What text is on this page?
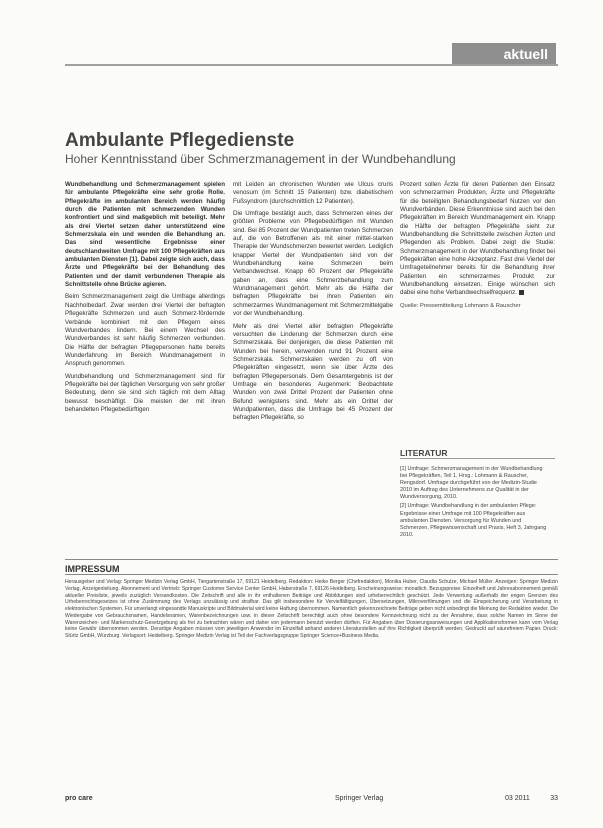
aktuell
Ambulante Pflegedienste
Hoher Kenntnisstand über Schmerzmanagement in der Wundbehandlung

Wundbehandlung und Schmerzmanagement spielen für ambulante Pflegekräfte eine sehr große Rolle. Pflegekräfte im ambulanten Bereich werden häufig durch die Patienten mit schmerzenden Wunden konfrontiert und sind maßgeblich mit beteiligt. Mehr als drei Viertel setzen daher unterstützend eine Schmerzskala ein und wenden die Behandlung an. Das sind wesentliche Ergebnisse einer deutschlandweiten Umfrage mit 100 Pflegekräften aus ambulanten Diensten [1]. Dabei zeigte sich auch, dass Ärzte und Pflegekräfte bei der Behandlung des Patienten und der damit verbundenen Therapie als Schnittstelle ohne Brücke agieren.

Beim Schmerzmanagement zeigt die Umfrage allerdings Nachholbedarf. Zwar werden drei Viertel der befragten Pflegekräfte Schmerzen und auch Schmerz-fördernde Verbände kombiniert mit den Pflegern eines Wundverbandes lindern. Bei einem Wechsel des Wundverbandes ist sehr häufig Schmerzen verbunden. Die Hälfte der befragten Pflegepersonen hatte bereits Wunderfahrung im Bereich Wundmanagement in Anspruch genommen.

Wundbehandlung und Schmerzmanagement sind für Pflegekräfte bei der täglichen Versorgung von sehr großer Bedeutung, denn sie sind sich täglich mit dem Alltag bewusst beschäftigt. Die meisten der mit ihren behandelten Pflegebedürftigen

mit Leiden an chronischen Wunden wie Ulcus cruris venosum (im Schnitt 15 Patienten) bzw. diabetischem Fußsyndrom (durchschnittlich 12 Patienten).

Die Umfrage bestätigt auch, dass Schmerzen eines der größten Probleme von Pflegebedürftigen mit Wunden sind. Bei 85 Prozent der Wundpatienten treten Schmerzen auf, die von Betroffenen als mit einer mittel-starken Therapie der Wundschmerzen bewertet werden. Lediglich knapper Viertel der Wundpatienten sind von der Wundbehandlung keine Schmerzen beim Verbandwechsel. Knapp 60 Prozent der Pflegekräfte gaben an, dass eine Schmerzbehandlung zum Wundmanagement gehört. Mehr als die Hälfte der befragten Pflegekräfte bei ihren Patienten ein schmerzarmes Wundmanagement mit Schmerzmittelgabe vor der Wundbehandlung.

Mehr als drei Viertel aller befragten Pflegekräfte versuchten die Linderung der Schmerzen durch eine Schmerzskala. Bei denjenigen, die diese Patienten mit Wunden bei herein, verwenden rund 91 Prozent eine Schmerzskala. Schmerzskalen werden zu oft von Pflegekräften eingesetzt, wenn sie über Ärzte des befragten Pflegepersonals. Dem Gesamtergebnis ist der Umfrage ein besonderes Augenmerk: Beobachtete Wunden von zwei Drittel Prozent der Patienten ohne Befund wenigstens sind. Mehr als ein Drittel der Wundpatienten, dass die Umfrage bei 45 Prozent der befragten Pflegekräfte, so

Prozent sollen Ärzte für deren Patienten den Einsatz von schmerzarmen Produkten, Ärzte und Pflegekräfte für die beteiligten Behandlungsbedarf Nutzen vor den Wundverbänden. Diese Erkenntnisse sind auch bei den Pflegekräften im Bereich Wundmanagement ein. Knapp die Hälfte der befragten Pflegekräfte sieht zur Wundbehandlung die Schnittstelle zwischen Ärzten und Pflegenden als Problem. Dabei zeigt die Studie: Schmerzmanagement in der Wundbehandlung findet bei Pflegekräften eine hohe Akzeptanz. Fast drei Viertel der Umfrageteilnehmer bereits für die Behandlung ihrer Patienten ein schmerzarmes Produkt zur Wundbehandlung einsetzen. Einige wünschen sich dabei eine hohe Verbandwechselfrequenz.

Quelle: Pressemitteilung Lohmann & Rauscher

LITERATUR

[1] Umfrage: Schmerzmanagement in der Wundbehandlung bei Pflegekräften, Teil 1. Hrsg.: Lohmann & Rauscher, Rengsdorf. Umfrage durchgeführt von der Medizin-Studie 2010 im Auftrag des Unternehmens zur Qualität in der Wundversorgung, 2010.

[2] Umfrage: Wundbehandlung in der ambulanten Pflege: Ergebnisse einer Umfrage mit 100 Pflegekräften aus ambulanten Diensten. Versorgung für Wunden und Schmerzen, Pflegewissenschaft und Praxis, Heft 3, Jahrgang 2010.

IMPRESSUM

Herausgeber und Verlag: Springer Medizin Verlag GmbH, Tiergartenstraße 17, 69121 Heidelberg. Redaktion: Heike Berger (Chefredaktion), Monika Huber, Claudia Schulze, Michael Müller. Anzeigen: Springer Medizin Verlag, Anzeigenleitung. Abonnement und Vertrieb: Springer Customer Service Center GmbH, Haberstraße 7, 69126 Heidelberg. Erscheinungsweise: monatlich. Bezugspreise: Einzelheft und Jahresabonnement gemäß aktueller Preisliste, jeweils zuzüglich Versandkosten. Die Zeitschrift und alle in ihr enthaltenen Beiträge und Abbildungen sind urheberrechtlich geschützt. Jede Verwertung außerhalb der engen Grenzen des Urheberrechtsgesetzes ist ohne Zustimmung des Verlags unzulässig und strafbar. Das gilt insbesondere für Vervielfältigungen, Übersetzungen, Mikroverfilmungen und die Einspeicherung und Verarbeitung in elektronischen Systemen. Für unverlangt eingesandte Manuskripte und Bildmaterial wird keine Haftung übernommen. Namentlich gekennzeichnete Beiträge geben nicht unbedingt die Meinung der Redaktion wieder. Die Wiedergabe von Gebrauchsnamen, Handelsnamen, Warenbezeichnungen usw. in dieser Zeitschrift berechtigt auch ohne besondere Kennzeichnung nicht zu der Annahme, dass solche Namen im Sinne der Warenzeichen- und Markenschutz-Gesetzgebung als frei zu betrachten wären und daher von jedermann benutzt werden dürften. Für Angaben über Dosierungsanweisungen und Applikationsformen kann vom Verlag keine Gewähr übernommen werden. Derartige Angaben müssen vom jeweiligen Anwender im Einzelfall anhand anderer Literaturstellen auf ihre Richtigkeit überprüft werden. Gedruckt auf säurefreiem Papier. Druck: Stürtz GmbH, Würzburg. Verlagsort: Heidelberg. Springer Medizin Verlag ist Teil der Fachverlagsgruppe Springer Science+Business Media.

pro care	Springer Verlag	03 2011	33
